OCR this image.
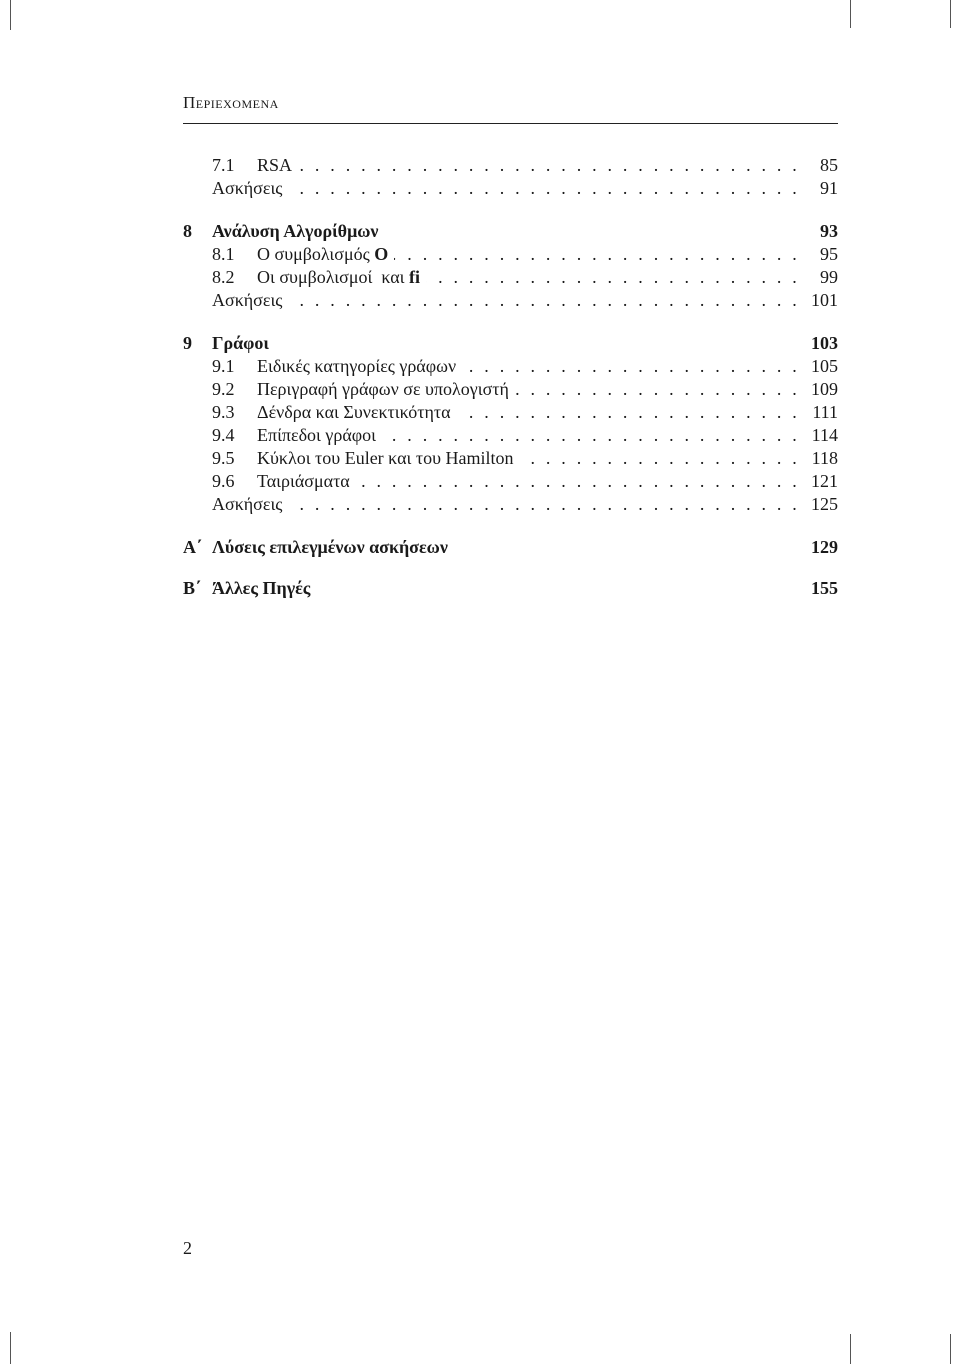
Περιεχομενα
7.1	RSA . . .	85
Ασκήσεις . . .	91
8	Ανάλυση Αλγορίθμων	93
8.1	Ο συμβολισμός O . . .	95
8.2	Οι συμβολισμοί  και fi . . .	99
Ασκήσεις . . .	101
9	Γράφοι	103
9.1	Ειδικές κατηγορίες γράφων . . .	105
9.2	Περιγραφή γράφων σε υπολογιστή . . .	109
9.3	Δένδρα και Συνεκτικότητα . . .	111
9.4	Επίπεδοι γράφοι . . .	114
9.5	Κύκλοι του Euler και του Hamilton . . .	118
9.6	Ταιριάσματα . . .	121
Ασκήσεις . . .	125
Α΄ Λύσεις επιλεγμένων ασκήσεων	129
Β΄ Άλλες Πηγές	155
2
